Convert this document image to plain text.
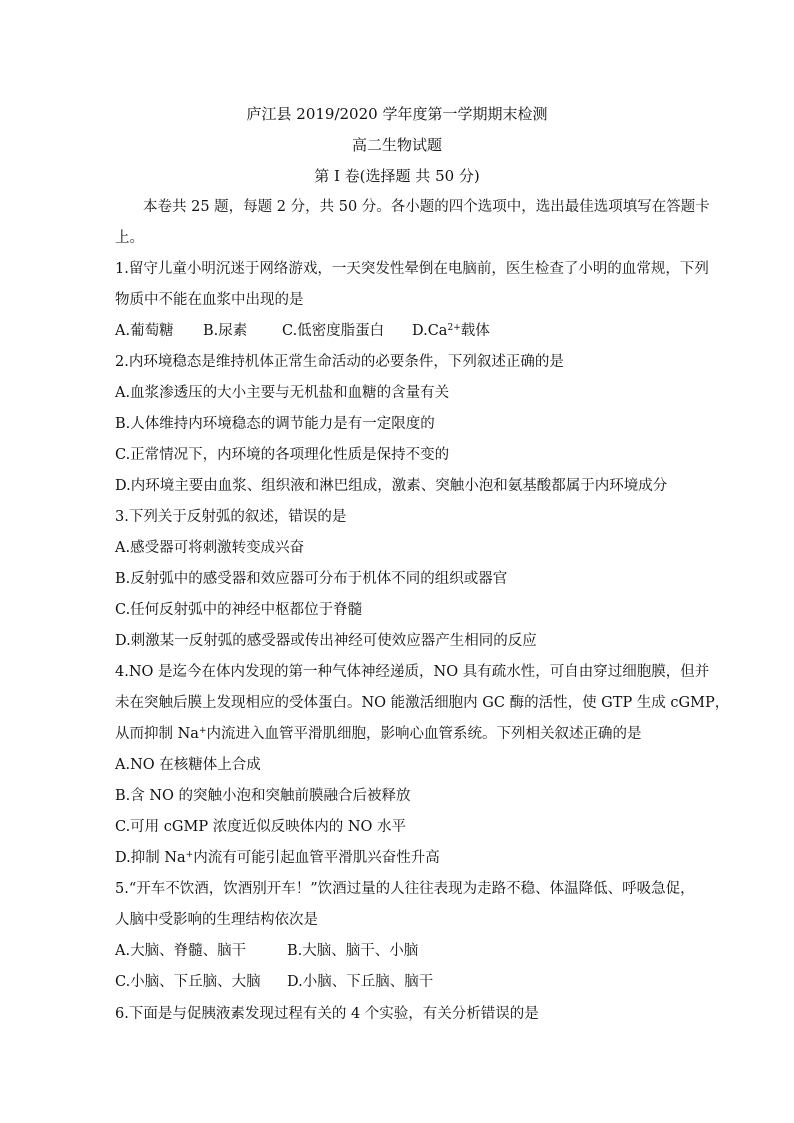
庐江县 2019/2020 学年度第一学期期末检测
高二生物试题
第 I 卷(选择题 共 50 分)
本卷共 25 题，每题 2 分，共 50 分。各小题的四个选项中，选出最佳选项填写在答题卡
上。
1.留守儿童小明沉迷于网络游戏，一天突发性晕倒在电脑前，医生检查了小明的血常规，下列
物质中不能在血浆中出现的是
A.葡萄糖 B.尿素 C.低密度脂蛋白 $D.Ca^{2+}$载体
2.内环境稳态是维持机体正常生命活动的必要条件，下列叙述正确的是
A.血浆渗透压的大小主要与无机盐和血糖的含量有关
B.人体维持内环境稳态的调节能力是有一定限度的
C.正常情况下，内环境的各项理化性质是保持不变的
D.内环境主要由血浆、组织液和淋巴组成，激素、突触小泡和氨基酸都属于内环境成分
3.下列关于反射弧的叙述，错误的是
A.感受器可将刺激转变成兴奋
B.反射弧中的感受器和效应器可分布于机体不同的组织或器官
C.任何反射弧中的神经中枢都位于脊髓
D.刺激某一反射弧的感受器或传出神经可使效应器产生相同的反应
4.NO 是迄今在体内发现的第一种气体神经递质，NO 具有疏水性，可自由穿过细胞膜，但并
未在突触后膜上发现相应的受体蛋白。NO 能激活细胞内 GC 酶的活性，使 GTP 生成 cGMP，
从而抑制 Na+内流进入血管平滑肌细胞，影响心血管系统。下列相关叙述正确的是
A.NO 在核糖体上合成
B.含 NO 的突触小泡和突触前膜融合后被释放
C.可用 cGMP 浓度近似反映体内的 NO 水平
D.抑制 Na+内流有可能引起血管平滑肌兴奋性升高
5.“开车不饮酒，饮酒别开车！”饮酒过量的人往往表现为走路不稳、体温降低、呼吸急促，
人脑中受影响的生理结构依次是
A.大脑、脊髓、脑干	B.大脑、脑干、小脑
C.小脑、下丘脑、大脑 D.小脑、下丘脑、脑干
6.下面是与促胰液素发现过程有关的 4 个实验，有关分析错误的是
